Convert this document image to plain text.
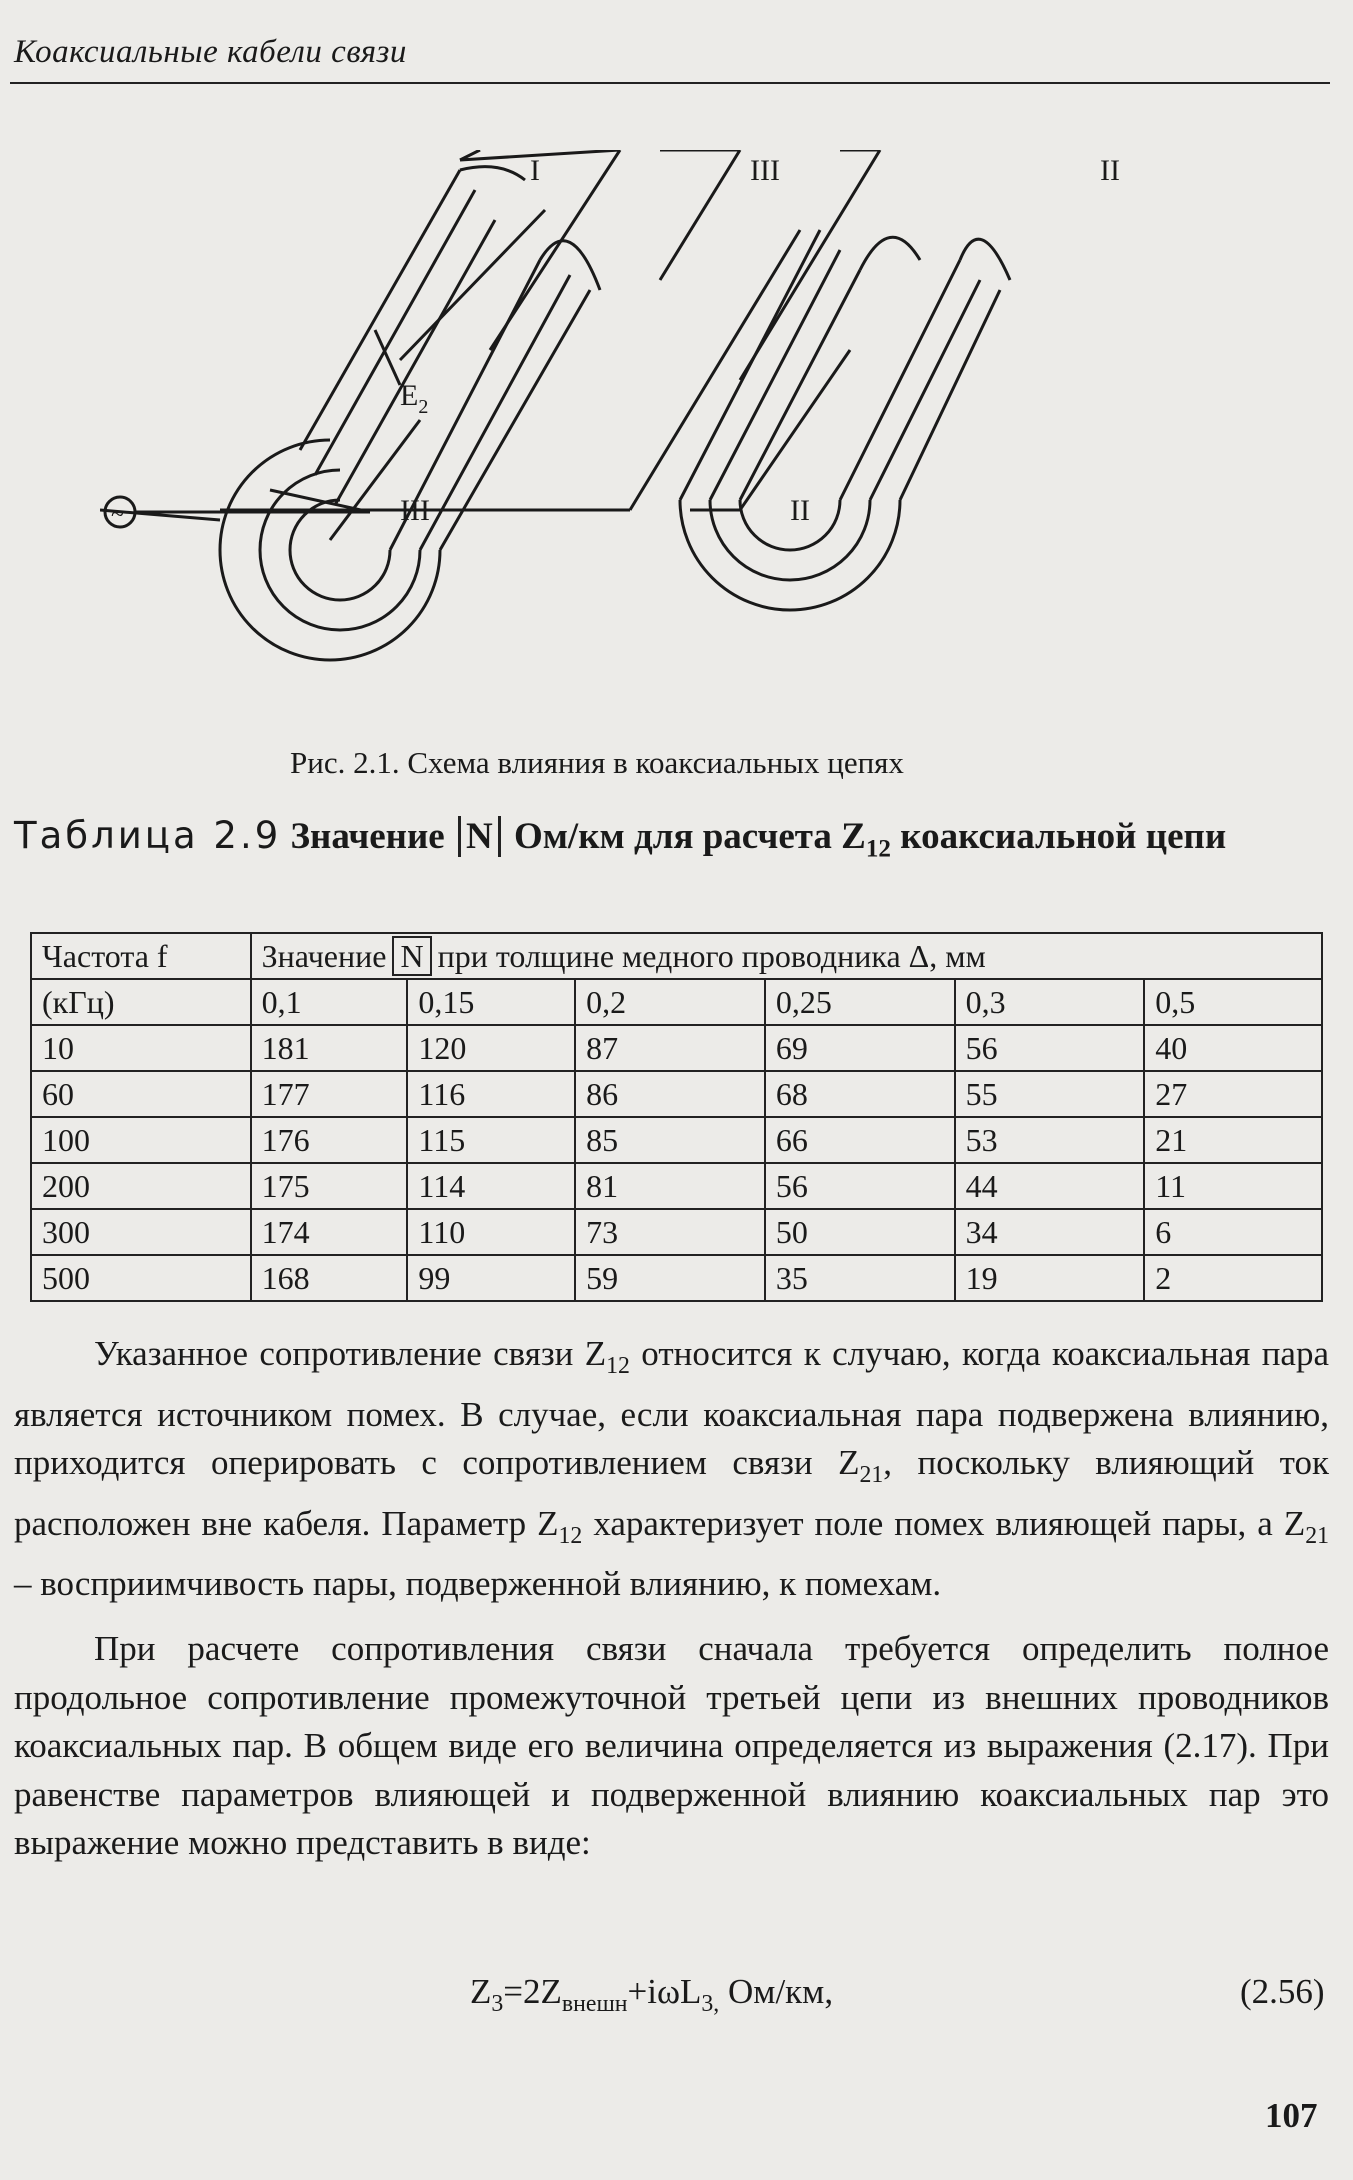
Коаксиальные кабели связи
I	III	II
$E_2$
III	II
~
Рис. 2.1. Схема влияния в коаксиальных цепях
Таблица 2.9 Значение N Ом/км для расчета $Z_{12}$ коаксиальной цепи
Частота f	Значение N при толщине медного проводника Δ, мм					
(кГц)	0,1	0,15	0,2	0,25	0,3	0,5
10	181	120	87	69	56	40
60	177	116	86	68	55	27
100	176	115	85	66	53	21
200	175	114	81	56	44	11
300	174	110	73	50	34	6
500	168	99	59	35	19	2
Указанное сопротивление связи $Z_{12}$ относится к случаю, когда коаксиальная пара является источником помех. В случае, если коаксиальная пара подвержена влиянию, приходится оперировать с сопротивлением связи $Z_{21}$, поскольку влияющий ток расположен вне кабеля. Параметр $Z_{12}$ характеризует поле помех влияющей пары, а $Z_{21}$ – восприимчивость пары, подверженной влиянию, к помехам.
При расчете сопротивления связи сначала требуется определить полное продольное сопротивление промежуточной третьей цепи из внешних проводников коаксиальных пар. В общем виде его величина определяется из выражения (2.17). При равенстве параметров влияющей и подверженной влиянию коаксиальных пар это выражение можно представить в виде:
$Z_3=2Z_{внешн}+i\omega L_{3,}$ Ом/км,	(2.56)
107
